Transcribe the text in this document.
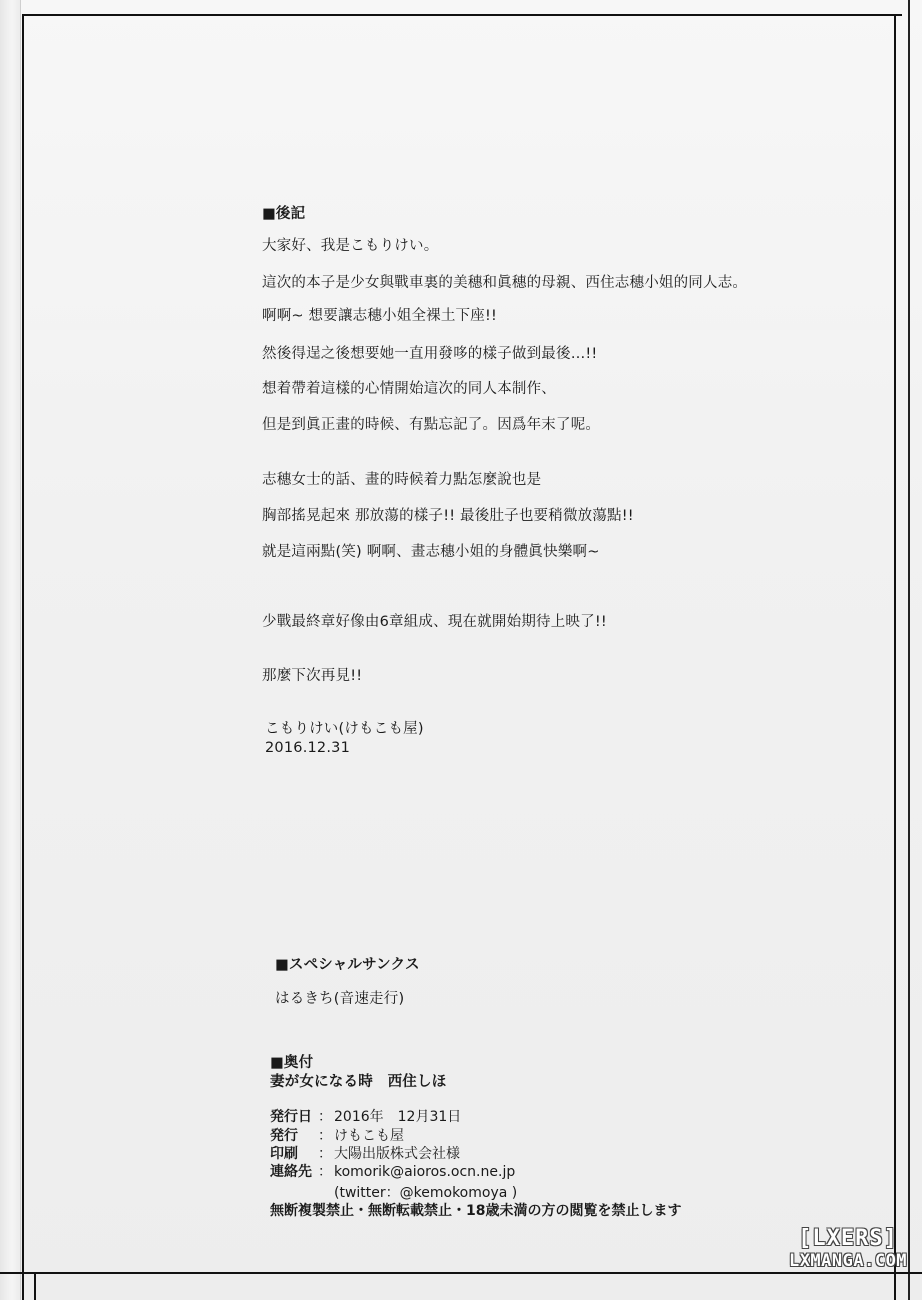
■後記
大家好、我是こもりけい。
這次的本子是少女與戰車裏的美穗和眞穗的母親、西住志穗小姐的同人志。
啊啊~ 想要讓志穗小姐全裸土下座!!
然後得逞之後想要她一直用發哆的樣子做到最後…!!
想着帶着這樣的心情開始這次的同人本制作、
但是到眞正畫的時候、有點忘記了。因爲年末了呢。
志穗女士的話、畫的時候着力點怎麼說也是
胸部搖晃起來 那放蕩的樣子!! 最後肚子也要稍微放蕩點!!
就是這兩點(笑) 啊啊、畫志穗小姐的身體眞快樂啊~
少戰最終章好像由6章組成、現在就開始期待上映了!!
那麼下次再見!!
こもりけい(けもこも屋)
2016.12.31
■スペシャルサンクス
はるきち(音速走行)
■奥付
妻が女になる時　西住しほ
発行日 ： 2016年　12月31日
発行 ： けもこも屋
印刷 ： 大陽出版株式会社様
連絡先 ： komorik@aioros.ocn.ne.jp
(twitter：@kemokomoya )
無断複製禁止・無断転載禁止・18歳未満の方の閲覧を禁止します
[LXERS]
LXMANGA.COM
